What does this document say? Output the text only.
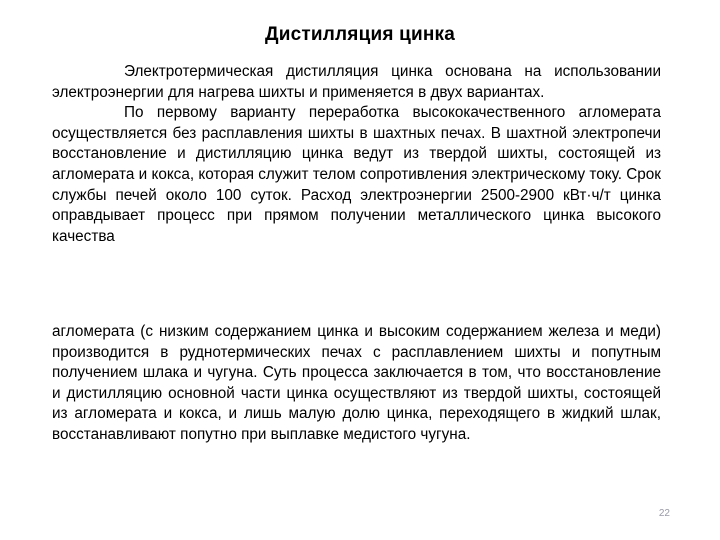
Дистилляция цинка

Электротермическая дистилляция цинка основана на использовании электроэнергии для нагрева шихты и применяется в двух вариантах.

По первому варианту переработка высококачественного агломерата осуществляется без расплавления шихты в шахтных печах. В шахтной электропечи восстановление и дистилляцию цинка ведут из твердой шихты, состоящей из агломерата и кокса, которая служит телом сопротивления электрическому току. Срок службы печей около 100 суток. Расход электроэнергии 2500-2900 кВт·ч/т цинка оправдывает процесс при прямом получении металлического цинка высокого качества

агломерата (с низким содержанием цинка и высоким содержанием железа и меди) производится в руднотермических печах с расплавлением шихты и попутным получением шлака и чугуна. Суть процесса заключается в том, что восстановление и дистилляцию основной части цинка осуществляют из твердой шихты, состоящей из агломерата и кокса, и лишь малую долю цинка, переходящего в жидкий шлак, восстанавливают попутно при выплавке медистого чугуна.

22
